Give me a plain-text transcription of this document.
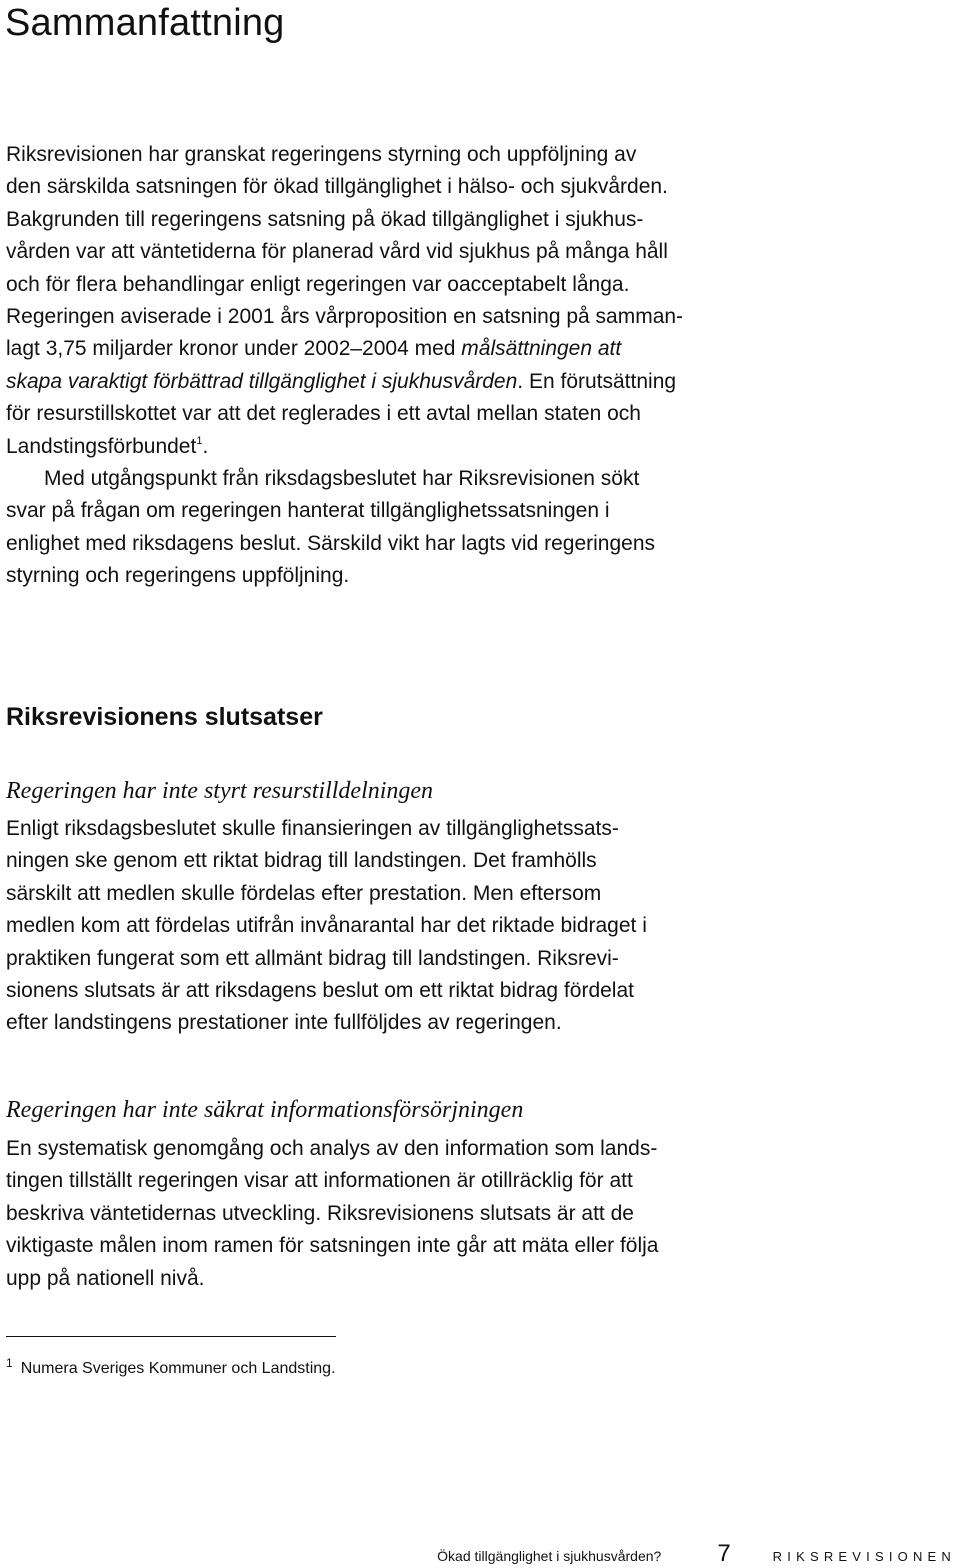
Sammanfattning

Riksrevisionen har granskat regeringens styrning och uppföljning av
den särskilda satsningen för ökad tillgänglighet i hälso- och sjukvården.
Bakgrunden till regeringens satsning på ökad tillgänglighet i sjukhus-
vården var att väntetiderna för planerad vård vid sjukhus på många håll
och för flera behandlingar enligt regeringen var oacceptabelt långa.
Regeringen aviserade i 2001 års vårproposition en satsning på samman-
lagt 3,75 miljarder kronor under 2002–2004 med målsättningen att
skapa varaktigt förbättrad tillgänglighet i sjukhusvården. En förutsättning
för resurstillskottet var att det reglerades i ett avtal mellan staten och
Landstingsförbundet$^1$.

Med utgångspunkt från riksdagsbeslutet har Riksrevisionen sökt
svar på frågan om regeringen hanterat tillgänglighetssatsningen i
enlighet med riksdagens beslut. Särskild vikt har lagts vid regeringens
styrning och regeringens uppföljning.

Riksrevisionens slutsatser
Regeringen har inte styrt resurstilldelningen

Enligt riksdagsbeslutet skulle finansieringen av tillgänglighetssats-
ningen ske genom ett riktat bidrag till landstingen. Det framhölls
särskilt att medlen skulle fördelas efter prestation. Men eftersom
medlen kom att fördelas utifrån invånarantal har det riktade bidraget i
praktiken fungerat som ett allmänt bidrag till landstingen. Riksrevi-
sionens slutsats är att riksdagens beslut om ett riktat bidrag fördelat
efter landstingens prestationer inte fullföljdes av regeringen.

Regeringen har inte säkrat informationsförsörjningen

En systematisk genomgång och analys av den information som lands-
tingen tillställt regeringen visar att informationen är otillräcklig för att
beskriva väntetidernas utveckling. Riksrevisionens slutsats är att de
viktigaste målen inom ramen för satsningen inte går att mäta eller följa
upp på nationell nivå.

$^1$ Numera Sveriges Kommuner och Landsting.

Ökad tillgänglighet i sjukhusvården? 7	RIKSREVISIONEN
